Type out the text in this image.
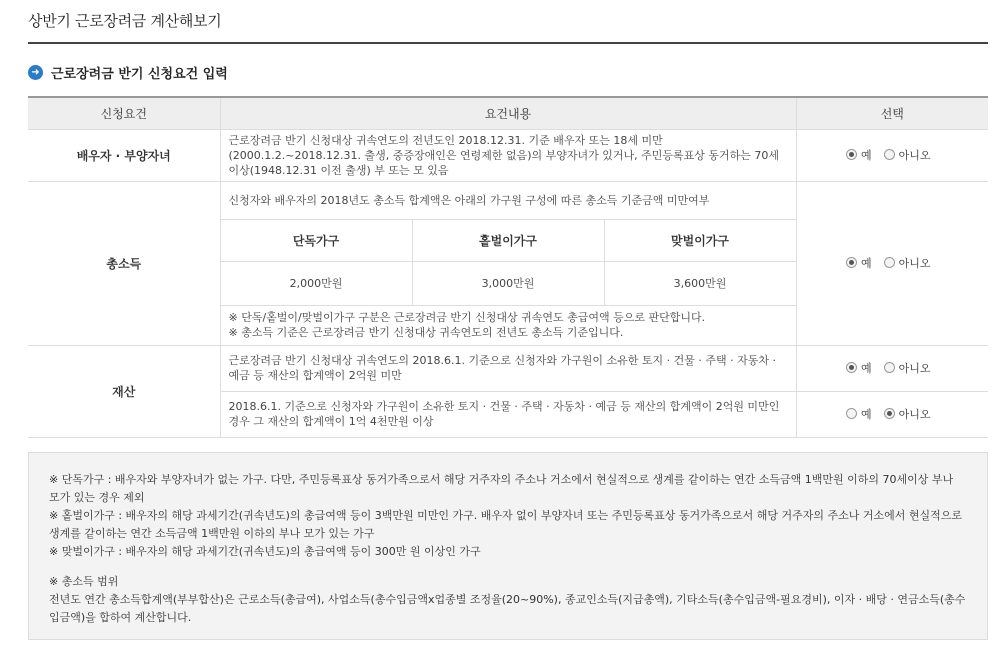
상반기 근로장려금 계산해보기
➜ 근로장려금 반기 신청요건 입력
신청요건	요건내용			선택
배우자 · 부양자녀	근로장려금 반기 신청대상 귀속연도의 전년도인 2018.12.31. 기준 배우자 또는 18세 미만(2000.1.2.~2018.12.31. 출생, 중증장애인은 연령제한 없음)의 부양자녀가 있거나, 주민등록표상 동거하는 70세 이상(1948.12.31 이전 출생) 부 또는 모 있음			예 아니오

총소득	신청자와 배우자의 2018년도 총소득 합계액은 아래의 가구원 구성에 따른 총소득 기준금액 미만여부			예 아니오

	단독가구	홑벌이가구	맞벌이가구	
	2,000만원	3,000만원	3,600만원	

	※ 단독/홑벌이/맞벌이가구 구분은 근로장려금 반기 신청대상 귀속연도 총급여액 등으로 판단합니다.
※ 총소득 기준은 근로장려금 반기 신청대상 귀속연도의 전년도 총소득 기준입니다.			

재산	근로장려금 반기 신청대상 귀속연도의 2018.6.1. 기준으로 신청자와 가구원이 소유한 토지 · 건물 · 주택 · 자동차 · 예금 등 재산의 합계액이 2억원 미만			예 아니오

	2018.6.1. 기준으로 신청자와 가구원이 소유한 토지 · 건물 · 주택 · 자동차 · 예금 등 재산의 합계액이 2억원 미만인 경우 그 재산의 합계액이 1억 4천만원 이상			예 아니오

※ 단독가구 : 배우자와 부양자녀가 없는 가구. 다만, 주민등록표상 동거가족으로서 해당 거주자의 주소나 거소에서 현실적으로 생계를 같이하는 연간 소득금액 1백만원 이하의 70세이상 부나 모가 있는 경우 제외

※ 홑벌이가구 : 배우자의 해당 과세기간(귀속년도)의 총급여액 등이 3백만원 미만인 가구. 배우자 없이 부양자녀 또는 주민등록표상 동거가족으로서 해당 거주자의 주소나 거소에서 현실적으로 생계를 같이하는 연간 소득금액 1백만원 이하의 부나 모가 있는 가구

※ 맞벌이가구 : 배우자의 해당 과세기간(귀속년도)의 총급여액 등이 300만 원 이상인 가구

※ 총소득 범위

전년도 연간 총소득합계액(부부합산)은 근로소득(총급여), 사업소득(총수입금액x업종별 조정율(20~90%), 종교인소득(지급총액), 기타소득(총수입금액-필요경비), 이자 · 배당 · 연금소득(총수입금액)을 합하여 계산합니다.
